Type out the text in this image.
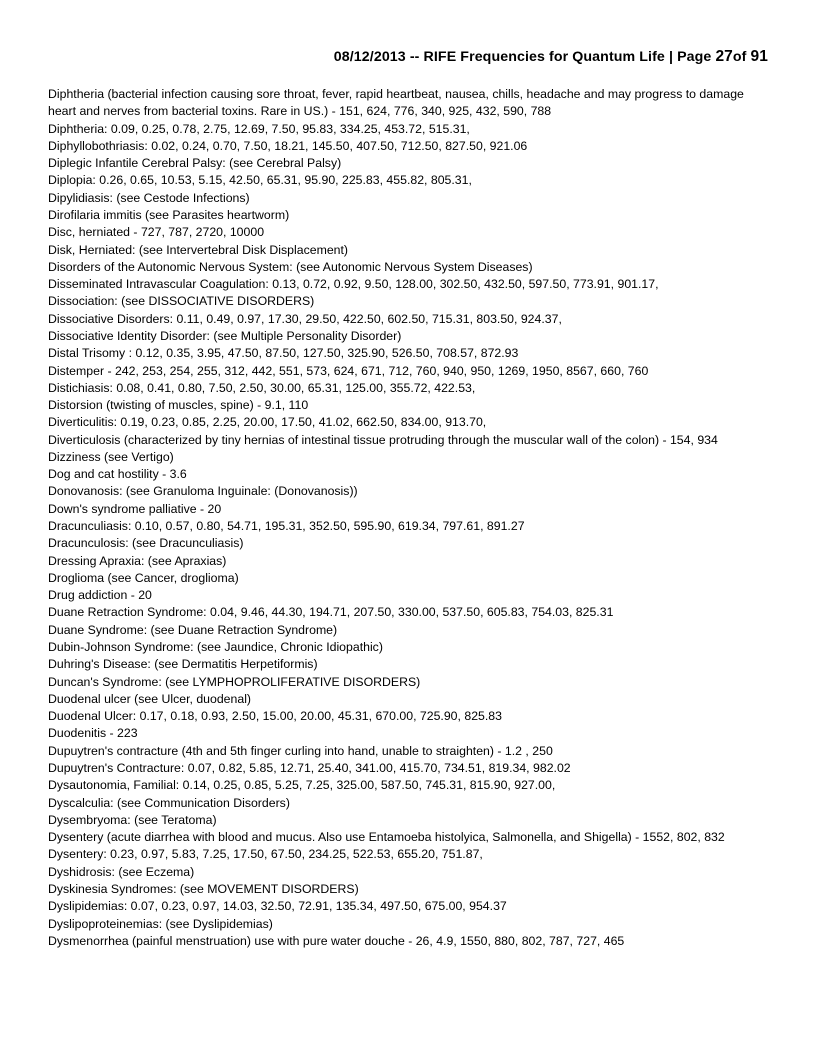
08/12/2013 -- RIFE Frequencies for Quantum Life | Page 27of 91

Diphtheria (bacterial infection causing sore throat, fever, rapid heartbeat, nausea, chills, headache and may progress to damage heart and nerves from bacterial toxins. Rare in US.) - 151, 624, 776, 340, 925, 432, 590, 788

Diphtheria: 0.09, 0.25, 0.78, 2.75, 12.69, 7.50, 95.83, 334.25, 453.72, 515.31,

Diphyllobothriasis: 0.02, 0.24, 0.70, 7.50, 18.21, 145.50, 407.50, 712.50, 827.50, 921.06

Diplegic Infantile Cerebral Palsy: (see Cerebral Palsy)

Diplopia: 0.26, 0.65, 10.53, 5.15, 42.50, 65.31, 95.90, 225.83, 455.82, 805.31,

Dipylidiasis: (see Cestode Infections)

Dirofilaria immitis (see Parasites heartworm)

Disc, herniated - 727, 787, 2720, 10000

Disk, Herniated: (see Intervertebral Disk Displacement)

Disorders of the Autonomic Nervous System: (see Autonomic Nervous System Diseases)

Disseminated Intravascular Coagulation: 0.13, 0.72, 0.92, 9.50, 128.00, 302.50, 432.50, 597.50, 773.91, 901.17,

Dissociation: (see DISSOCIATIVE DISORDERS)

Dissociative Disorders: 0.11, 0.49, 0.97, 17.30, 29.50, 422.50, 602.50, 715.31, 803.50, 924.37,

Dissociative Identity Disorder: (see Multiple Personality Disorder)

Distal Trisomy : 0.12, 0.35, 3.95, 47.50, 87.50, 127.50, 325.90, 526.50, 708.57, 872.93

Distemper - 242, 253, 254, 255, 312, 442, 551, 573, 624, 671, 712, 760, 940, 950, 1269, 1950, 8567, 660, 760

Distichiasis: 0.08, 0.41, 0.80, 7.50, 2.50, 30.00, 65.31, 125.00, 355.72, 422.53,

Distorsion (twisting of muscles, spine) - 9.1, 110

Diverticulitis: 0.19, 0.23, 0.85, 2.25, 20.00, 17.50, 41.02, 662.50, 834.00, 913.70,

Diverticulosis (characterized by tiny hernias of intestinal tissue protruding through the muscular wall of the colon) - 154, 934

Dizziness (see Vertigo)

Dog and cat hostility - 3.6

Donovanosis: (see Granuloma Inguinale: (Donovanosis))

Down's syndrome palliative - 20

Dracunculiasis: 0.10, 0.57, 0.80, 54.71, 195.31, 352.50, 595.90, 619.34, 797.61, 891.27

Dracunculosis: (see Dracunculiasis)

Dressing Apraxia: (see Apraxias)

Droglioma (see Cancer, droglioma)

Drug addiction - 20

Duane Retraction Syndrome: 0.04, 9.46, 44.30, 194.71, 207.50, 330.00, 537.50, 605.83, 754.03, 825.31

Duane Syndrome: (see Duane Retraction Syndrome)

Dubin-Johnson Syndrome: (see Jaundice, Chronic Idiopathic)

Duhring's Disease: (see Dermatitis Herpetiformis)

Duncan's Syndrome: (see LYMPHOPROLIFERATIVE DISORDERS)

Duodenal ulcer (see Ulcer, duodenal)

Duodenal Ulcer: 0.17, 0.18, 0.93, 2.50, 15.00, 20.00, 45.31, 670.00, 725.90, 825.83

Duodenitis - 223

Dupuytren's contracture (4th and 5th finger curling into hand, unable to straighten) - 1.2 , 250

Dupuytren's Contracture: 0.07, 0.82, 5.85, 12.71, 25.40, 341.00, 415.70, 734.51, 819.34, 982.02

Dysautonomia, Familial: 0.14, 0.25, 0.85, 5.25, 7.25, 325.00, 587.50, 745.31, 815.90, 927.00,

Dyscalculia: (see Communication Disorders)

Dysembryoma: (see Teratoma)

Dysentery (acute diarrhea with blood and mucus. Also use Entamoeba histolyica, Salmonella, and Shigella) - 1552, 802, 832

Dysentery: 0.23, 0.97, 5.83, 7.25, 17.50, 67.50, 234.25, 522.53, 655.20, 751.87,

Dyshidrosis: (see Eczema)

Dyskinesia Syndromes: (see MOVEMENT DISORDERS)

Dyslipidemias: 0.07, 0.23, 0.97, 14.03, 32.50, 72.91, 135.34, 497.50, 675.00, 954.37

Dyslipoproteinemias: (see Dyslipidemias)

Dysmenorrhea (painful menstruation) use with pure water douche - 26, 4.9, 1550, 880, 802, 787, 727, 465
